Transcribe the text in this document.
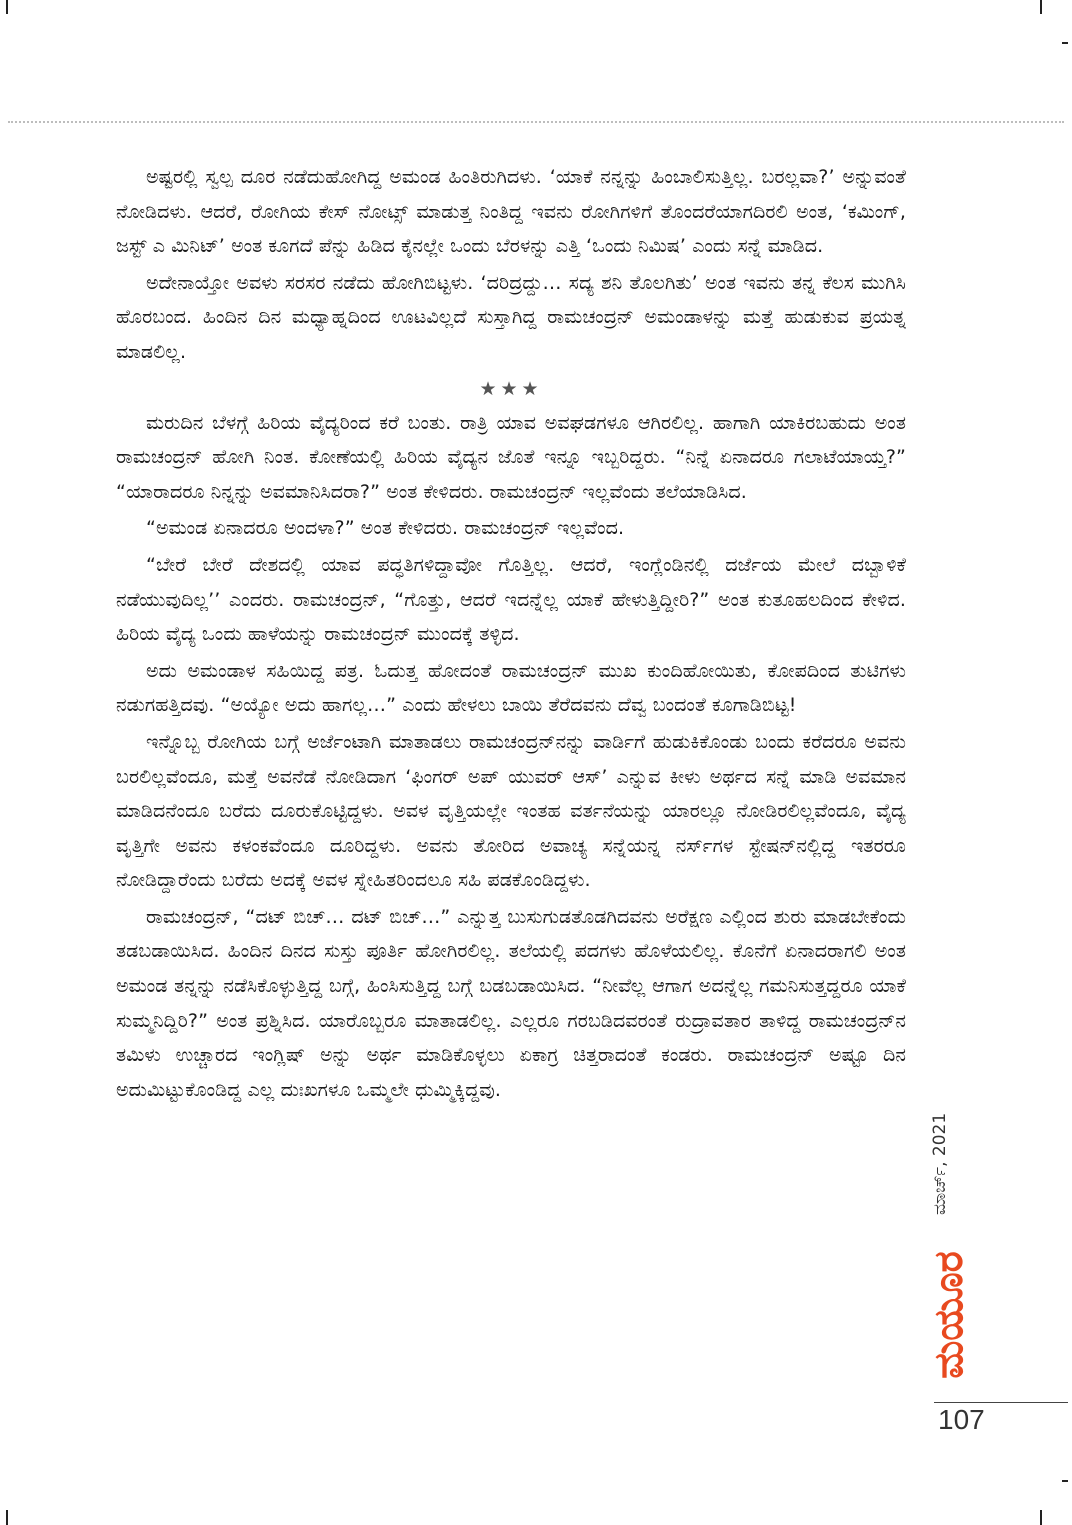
ಅಷ್ಟರಲ್ಲಿ ಸ್ವಲ್ಪ ದೂರ ನಡೆದುಹೋಗಿದ್ದ ಅಮಂಡ ಹಿಂತಿರುಗಿದಳು. ‘ಯಾಕೆ ನನ್ನನ್ನು ಹಿಂಬಾಲಿಸುತ್ತಿಲ್ಲ. ಬರಲ್ಲವಾ?’ ಅನ್ನುವಂತೆ ನೋಡಿದಳು. ಆದರೆ, ರೋಗಿಯ ಕೇಸ್ ನೋಟ್ಸ್ ಮಾಡುತ್ತ ನಿಂತಿದ್ದ ಇವನು ರೋಗಿಗಳಿಗೆ ತೊಂದರೆಯಾಗದಿರಲಿ ಅಂತ, ‘ಕಮಿಂಗ್, ಜಸ್ಟ್ ಎ ಮಿನಿಟ್’ ಅಂತ ಕೂಗದೆ ಪೆನ್ನು ಹಿಡಿದ ಕೈನಲ್ಲೇ ಒಂದು ಬೆರಳನ್ನು ಎತ್ತಿ ‘ಒಂದು ನಿಮಿಷ’ ಎಂದು ಸನ್ನೆ ಮಾಡಿದ.

ಅದೇನಾಯ್ತೋ ಅವಳು ಸರಸರ ನಡೆದು ಹೋಗಿಬಿಟ್ಟಳು. ‘ದರಿದ್ರದ್ದು… ಸದ್ಯ ಶನಿ ತೊಲಗಿತು’ ಅಂತ ಇವನು ತನ್ನ ಕೆಲಸ ಮುಗಿಸಿ ಹೊರಬಂದ. ಹಿಂದಿನ ದಿನ ಮಧ್ಯಾಹ್ನದಿಂದ ಊಟವಿಲ್ಲದೆ ಸುಸ್ತಾಗಿದ್ದ ರಾಮಚಂದ್ರನ್ ಅಮಂಡಾಳನ್ನು ಮತ್ತೆ ಹುಡುಕುವ ಪ್ರಯತ್ನ ಮಾಡಲಿಲ್ಲ.

★★★

ಮರುದಿನ ಬೆಳಗ್ಗೆ ಹಿರಿಯ ವೈದ್ಯರಿಂದ ಕರೆ ಬಂತು. ರಾತ್ರಿ ಯಾವ ಅವಘಡಗಳೂ ಆಗಿರಲಿಲ್ಲ. ಹಾಗಾಗಿ ಯಾಕಿರಬಹುದು ಅಂತ ರಾಮಚಂದ್ರನ್ ಹೋಗಿ ನಿಂತ. ಕೋಣೆಯಲ್ಲಿ ಹಿರಿಯ ವೈದ್ಯನ ಜೊತೆ ಇನ್ನೂ ಇಬ್ಬರಿದ್ದರು. “ನಿನ್ನೆ ಏನಾದರೂ ಗಲಾಟೆಯಾಯ್ತ?” “ಯಾರಾದರೂ ನಿನ್ನನ್ನು ಅವಮಾನಿಸಿದರಾ?” ಅಂತ ಕೇಳಿದರು. ರಾಮಚಂದ್ರನ್ ಇಲ್ಲವೆಂದು ತಲೆಯಾಡಿಸಿದ.

“ಅಮಂಡ ಏನಾದರೂ ಅಂದಳಾ?” ಅಂತ ಕೇಳಿದರು. ರಾಮಚಂದ್ರನ್ ಇಲ್ಲವೆಂದ.

“ಬೇರೆ ಬೇರೆ ದೇಶದಲ್ಲಿ ಯಾವ ಪದ್ಧತಿಗಳಿದ್ದಾವೋ ಗೊತ್ತಿಲ್ಲ. ಆದರೆ, ಇಂಗ್ಲೆಂಡಿನಲ್ಲಿ ದರ್ಜೆಯ ಮೇಲೆ ದಬ್ಬಾಳಿಕೆ ನಡೆಯುವುದಿಲ್ಲ’’ ಎಂದರು. ರಾಮಚಂದ್ರನ್, “ಗೊತ್ತು, ಆದರೆ ಇದನ್ನೆಲ್ಲ ಯಾಕೆ ಹೇಳುತ್ತಿದ್ದೀರಿ?” ಅಂತ ಕುತೂಹಲದಿಂದ ಕೇಳಿದ. ಹಿರಿಯ ವೈದ್ಯ ಒಂದು ಹಾಳೆಯನ್ನು ರಾಮಚಂದ್ರನ್ ಮುಂದಕ್ಕೆ ತಳ್ಳಿದ.

ಅದು ಅಮಂಡಾಳ ಸಹಿಯಿದ್ದ ಪತ್ರ. ಓದುತ್ತ ಹೋದಂತೆ ರಾಮಚಂದ್ರನ್ ಮುಖ ಕುಂದಿಹೋಯಿತು, ಕೋಪದಿಂದ ತುಟಿಗಳು ನಡುಗಹತ್ತಿದವು. “ಅಯ್ಯೋ ಅದು ಹಾಗಲ್ಲ…” ಎಂದು ಹೇಳಲು ಬಾಯಿ ತೆರೆದವನು ದೆವ್ವ ಬಂದಂತೆ ಕೂಗಾಡಿಬಿಟ್ಟ!

ಇನ್ನೊಬ್ಬ ರೋಗಿಯ ಬಗ್ಗೆ ಅರ್ಜೆಂಟಾಗಿ ಮಾತಾಡಲು ರಾಮಚಂದ್ರನ್‌ನನ್ನು ವಾರ್ಡಿಗೆ ಹುಡುಕಿಕೊಂಡು ಬಂದು ಕರೆದರೂ ಅವನು ಬರಲಿಲ್ಲವೆಂದೂ, ಮತ್ತೆ ಅವನೆಡೆ ನೋಡಿದಾಗ ‘ಫಿಂಗರ್ ಅಪ್ ಯುವರ್ ಆಸ್’ ಎನ್ನುವ ಕೀಳು ಅರ್ಥದ ಸನ್ನೆ ಮಾಡಿ ಅವಮಾನ ಮಾಡಿದನೆಂದೂ ಬರೆದು ದೂರುಕೊಟ್ಟಿದ್ದಳು. ಅವಳ ವೃತ್ತಿಯಲ್ಲೇ ಇಂತಹ ವರ್ತನೆಯನ್ನು ಯಾರಲ್ಲೂ ನೋಡಿರಲಿಲ್ಲವೆಂದೂ, ವೈದ್ಯ ವೃತ್ತಿಗೇ ಅವನು ಕಳಂಕವೆಂದೂ ದೂರಿದ್ದಳು. ಅವನು ತೋರಿದ ಅವಾಚ್ಯ ಸನ್ನೆಯನ್ನ ನರ್ಸ್‌ಗಳ ಸ್ಟೇಷನ್‌ನಲ್ಲಿದ್ದ ಇತರರೂ ನೋಡಿದ್ದಾರೆಂದು ಬರೆದು ಅದಕ್ಕೆ ಅವಳ ಸ್ನೇಹಿತರಿಂದಲೂ ಸಹಿ ಪಡಕೊಂಡಿದ್ದಳು.

ರಾಮಚಂದ್ರನ್, “ದಟ್ ಬಿಚ್… ದಟ್ ಬಿಚ್…” ಎನ್ನುತ್ತ ಬುಸುಗುಡತೊಡಗಿದವನು ಅರೆಕ್ಷಣ ಎಲ್ಲಿಂದ ಶುರು ಮಾಡಬೇಕೆಂದು ತಡಬಡಾಯಿಸಿದ. ಹಿಂದಿನ ದಿನದ ಸುಸ್ತು ಪೂರ್ತಿ ಹೋಗಿರಲಿಲ್ಲ. ತಲೆಯಲ್ಲಿ ಪದಗಳು ಹೊಳೆಯಲಿಲ್ಲ. ಕೊನೆಗೆ ಏನಾದರಾಗಲಿ ಅಂತ ಅಮಂಡ ತನ್ನನ್ನು ನಡೆಸಿಕೊಳ್ಳುತ್ತಿದ್ದ ಬಗ್ಗೆ, ಹಿಂಸಿಸುತ್ತಿದ್ದ ಬಗ್ಗೆ ಬಡಬಡಾಯಿಸಿದ. “ನೀವೆಲ್ಲ ಆಗಾಗ ಅದನ್ನೆಲ್ಲ ಗಮನಿಸುತ್ತದ್ದರೂ ಯಾಕೆ ಸುಮ್ಮನಿದ್ದಿರಿ?” ಅಂತ ಪ್ರಶ್ನಿಸಿದ. ಯಾರೊಬ್ಬರೂ ಮಾತಾಡಲಿಲ್ಲ. ಎಲ್ಲರೂ ಗರಬಡಿದವರಂತೆ ರುದ್ರಾವತಾರ ತಾಳಿದ್ದ ರಾಮಚಂದ್ರನ್‌ನ ತಮಿಳು ಉಚ್ಚಾರದ ಇಂಗ್ಲಿಷ್ ಅನ್ನು ಅರ್ಥ ಮಾಡಿಕೊಳ್ಳಲು ಏಕಾಗ್ರ ಚಿತ್ತರಾದಂತೆ ಕಂಡರು. ರಾಮಚಂದ್ರನ್ ಅಷ್ಟೂ ದಿನ ಅದುಮಿಟ್ಟುಕೊಂಡಿದ್ದ ಎಲ್ಲ ದುಃಖಗಳೂ ಒಮ್ಮಲೇ ಧುಮ್ಮಿಕ್ಕಿದ್ದವು.

ಮಾರ್ಚ್, 2021
ಮಯೂರ
107
